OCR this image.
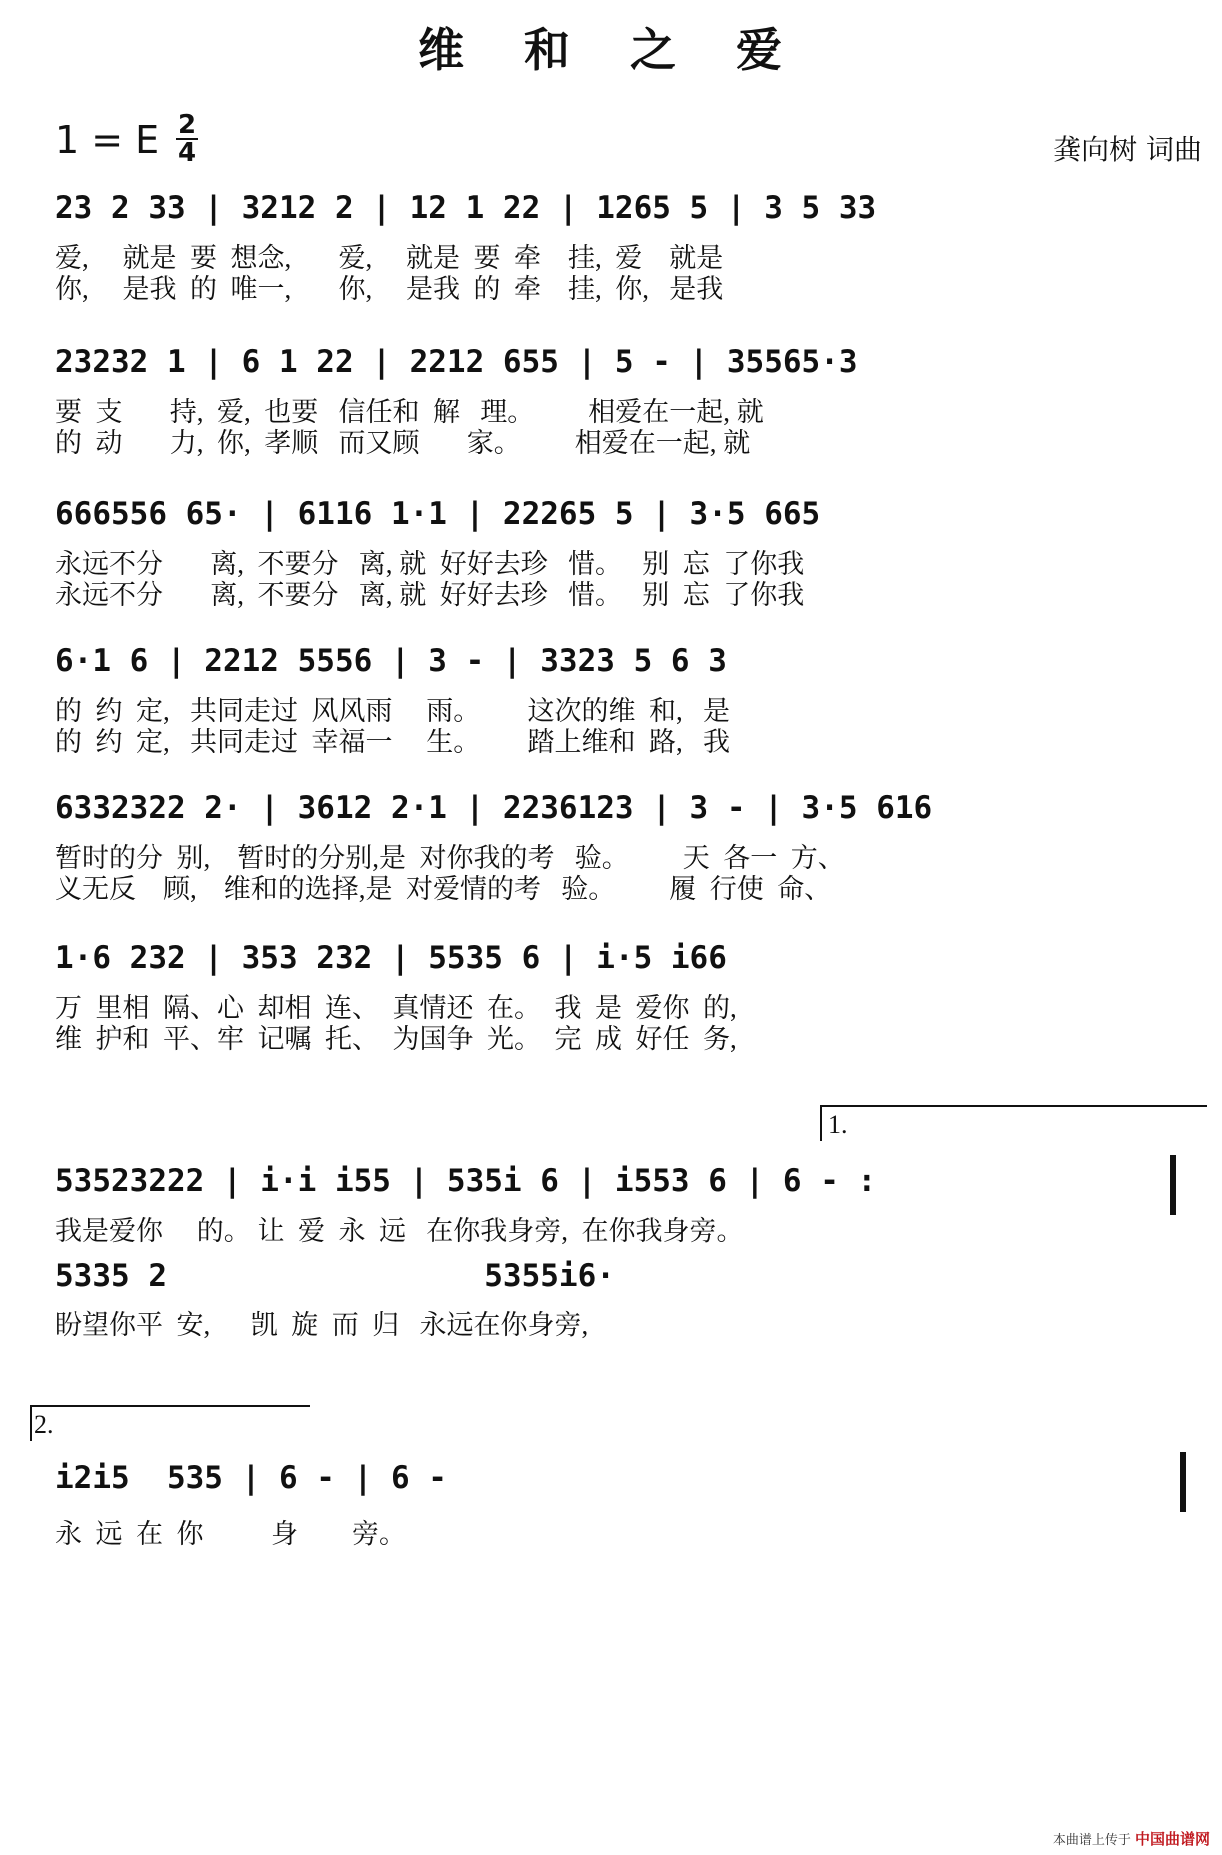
维 和 之 爱
1 = E 2
4	龚向树 词曲
23 2 33 | 3212 2 | 12 1 22 | 1265 5 | 3 5 33
爱,     就是  要  想念,       爱,     就是  要  牵    挂,  爱    就是
你,     是我  的  唯一,       你,     是我  的  牵    挂,  你,   是我
23232 1 | 6 1 22 | 2212 655 | 5 - | 35565·3
要  支       持,  爱,  也要   信任和  解   理。        相爱在一起, 就
的  动       力,  你,  孝顺   而又顾       家。        相爱在一起, 就
666556 65· | 6116 1·1 | 22265 5 | 3·5 665
永远不分       离,  不要分   离, 就  好好去珍   惜。   别  忘  了你我
永远不分       离,  不要分   离, 就  好好去珍   惜。   别  忘  了你我
6·1 6 | 2212 5556 | 3 - | 3323 5 6 3
的  约  定,   共同走过  风风雨     雨。       这次的维  和,   是
的  约  定,   共同走过  幸福一     生。       踏上维和  路,   我
6332322 2· | 3612 2·1 | 2236123 | 3 - | 3·5 616
暂时的分  别,    暂时的分别,是  对你我的考   验。        天  各一  方、
义无反    顾,    维和的选择,是  对爱情的考   验。        履  行使  命、
1·6 232 | 353 232 | 5535 6 | i·5 i66
万  里相  隔、心  却相  连、  真情还  在。  我  是  爱你  的,
维  护和  平、牢  记嘱  托、  为国争  光。  完  成  好任  务,
1.
53523222 | i·i i55 | 535i 6 | i553 6 | 6 - :
我是爱你     的。 让  爱  永  远   在你我身旁,  在你我身旁。
5335 2                 5355i6·
盼望你平  安,      凯  旋  而  归   永远在你身旁,
2.
i2i5  535 | 6 - | 6 -
永  远  在  你          身        旁。
本曲谱上传于 中国曲谱网
